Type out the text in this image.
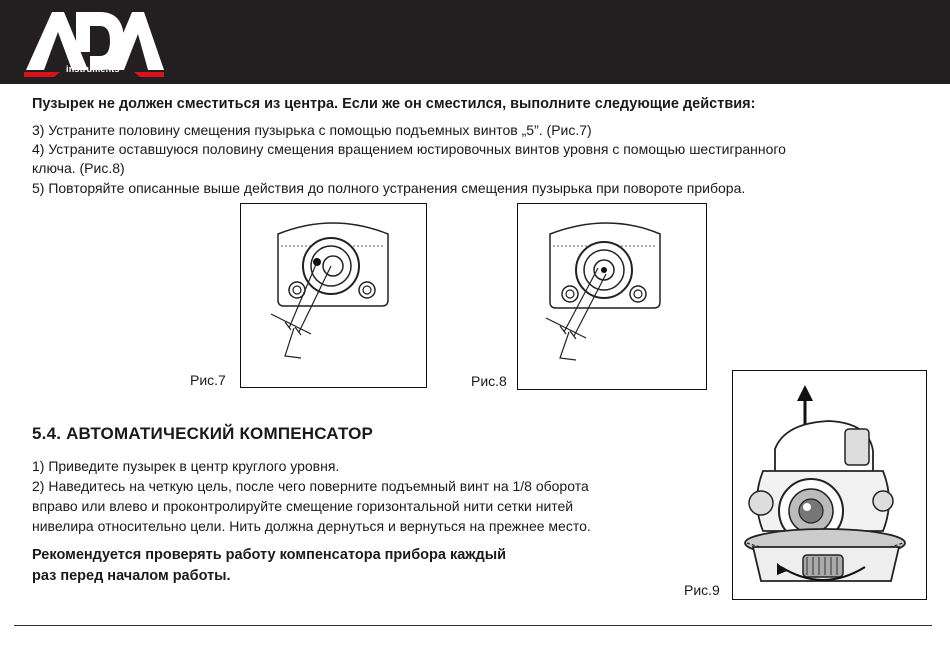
instruments
Пузырек не должен сместиться из центра. Если же он сместился, выполните следующие действия:
3) Устраните половину смещения пузырька с помощью подъемных винтов „5”. (Рис.7)
4) Устраните оставшуюся половину смещения вращением юстировочных винтов уровня с помощью шестигранного
ключа. (Рис.8)
5) Повторяйте описанные выше действия до полного устранения смещения пузырька при повороте прибора.
Рис.7	Рис.8
5.4. АВТОМАТИЧЕСКИЙ КОМПЕНСАТОР
1) Приведите пузырек в центр круглого уровня.
2) Наведитесь на четкую цель, после чего поверните подъемный винт на 1/8 оборота
вправо или влево и проконтролируйте смещение горизонтальной нити сетки нитей
нивелира относительно цели. Нить должна дернуться и вернуться на прежнее место.
Рекомендуется проверять работу компенсатора прибора каждый
раз перед началом работы.
Рис.9
